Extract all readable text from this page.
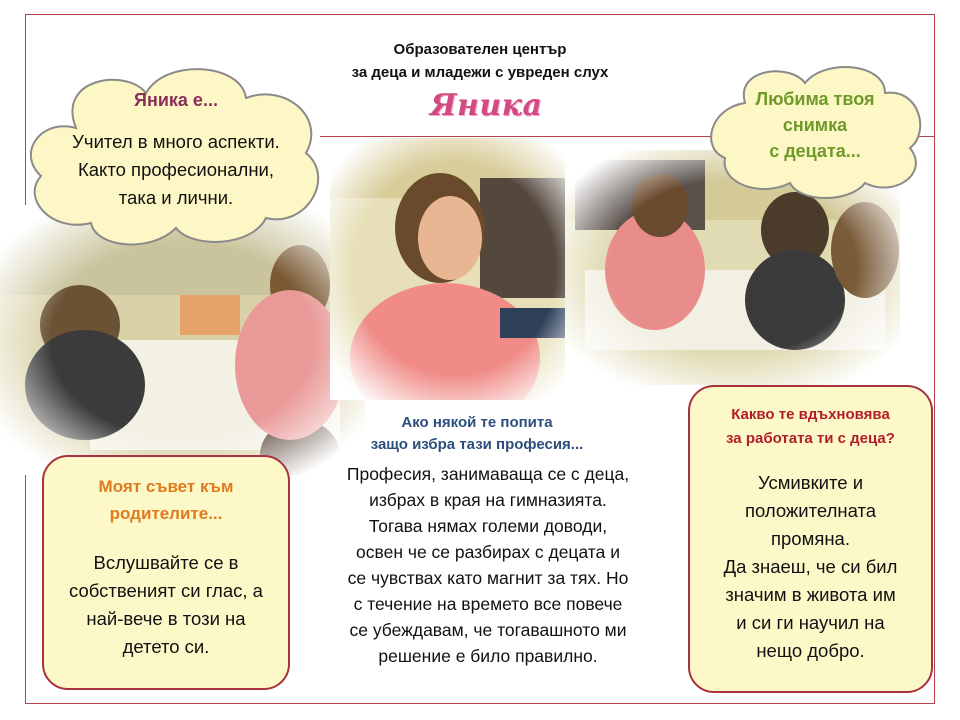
Образователен център
за деца и младежи с увреден слух
Яника
Яника е...
Учител в много аспекти.
Както професионални,
така и лични.
Любима твоя
снимка
с децата...
Ако някой те попита
защо избра тази професия...
Професия, занимаваща се с деца,
избрах в края на гимназията.
Тогава нямах големи доводи,
освен че се разбирах с децата и
се чувствах като магнит за тях. Но
с течение на времето все повече
се убеждавам, че тогавашното ми
решение е било правилно.
Моят съвет към
родителите...
Вслушвайте се в
собственият си глас, а
най-вече в този на
детето си.
Какво те вдъхновява
за работата ти с деца?
Усмивките и
положителната
промяна.
Да знаеш, че си бил
значим в живота им
и си ги научил на
нещо добро.
